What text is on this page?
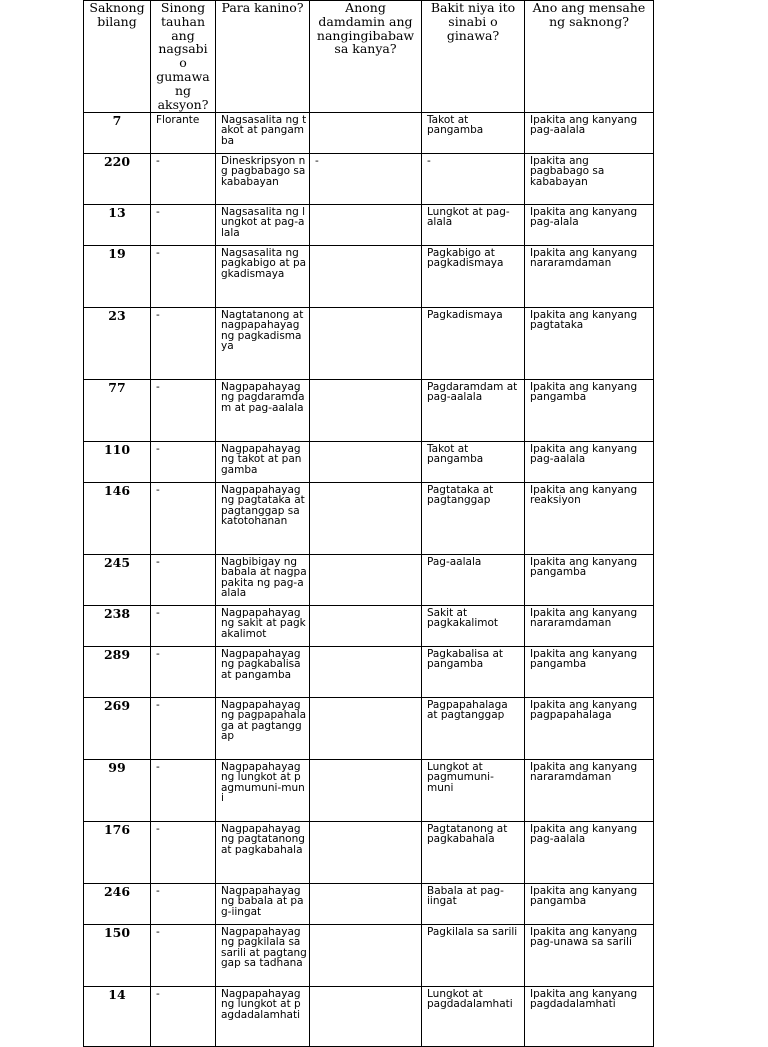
Saknong bilang	Sinong tauhan ang nagsabi o gumawa ng aksyon?	Para kanino?	Anong damdamin ang nangingibabaw sa kanya?	Bakit niya ito sinabi o ginawa?	Ano ang mensahe ng saknong?
7	Florante	Nagsasalita ng takot at pangamba		Takot at pangamba	Ipakita ang kanyang pag-aalala
220	-	Dineskripsyon ng pagbabago sa kababayan	-	-	Ipakita ang pagbabago sa kababayan
13	-	Nagsasalita ng lungkot at pag-alala		Lungkot at pag-alala	Ipakita ang kanyang pag-alala
19	-	Nagsasalita ng pagkabigo at pagkadismaya		Pagkabigo at pagkadismaya	Ipakita ang kanyang nararamdaman
23	-	Nagtatanong at nagpapahayag ng pagkadismaya		Pagkadismaya	Ipakita ang kanyang pagtataka
77	-	Nagpapahayag ng pagdaramdam at pag-aalala		Pagdaramdam at pag-aalala	Ipakita ang kanyang pangamba
110	-	Nagpapahayag ng takot at pangamba		Takot at pangamba	Ipakita ang kanyang pag-aalala
146	-	Nagpapahayag ng pagtataka at pagtanggap sa katotohanan		Pagtataka at pagtanggap	Ipakita ang kanyang reaksiyon
245	-	Nagbibigay ng babala at nagpapakita ng pag-aalala		Pag-aalala	Ipakita ang kanyang pangamba
238	-	Nagpapahayag ng sakit at pagkakalimot		Sakit at pagkakalimot	Ipakita ang kanyang nararamdaman
289	-	Nagpapahayag ng pagkabalisa at pangamba		Pagkabalisa at pangamba	Ipakita ang kanyang pangamba
269	-	Nagpapahayag ng pagpapahalaga at pagtanggap		Pagpapahalaga at pagtanggap	Ipakita ang kanyang pagpapahalaga
99	-	Nagpapahayag ng lungkot at pagmumuni-muni		Lungkot at pagmumuni-muni	Ipakita ang kanyang nararamdaman
176	-	Nagpapahayag ng pagtatanong at pagkabahala		Pagtatanong at pagkabahala	Ipakita ang kanyang pag-aalala
246	-	Nagpapahayag ng babala at pag-iingat		Babala at pag-iingat	Ipakita ang kanyang pangamba
150	-	Nagpapahayag ng pagkilala sa sarili at pagtanggap sa tadhana		Pagkilala sa sarili	Ipakita ang kanyang pag-unawa sa sarili
14	-	Nagpapahayag ng lungkot at pagdadalamhati		Lungkot at pagdadalamhati	Ipakita ang kanyang pagdadalamhati
